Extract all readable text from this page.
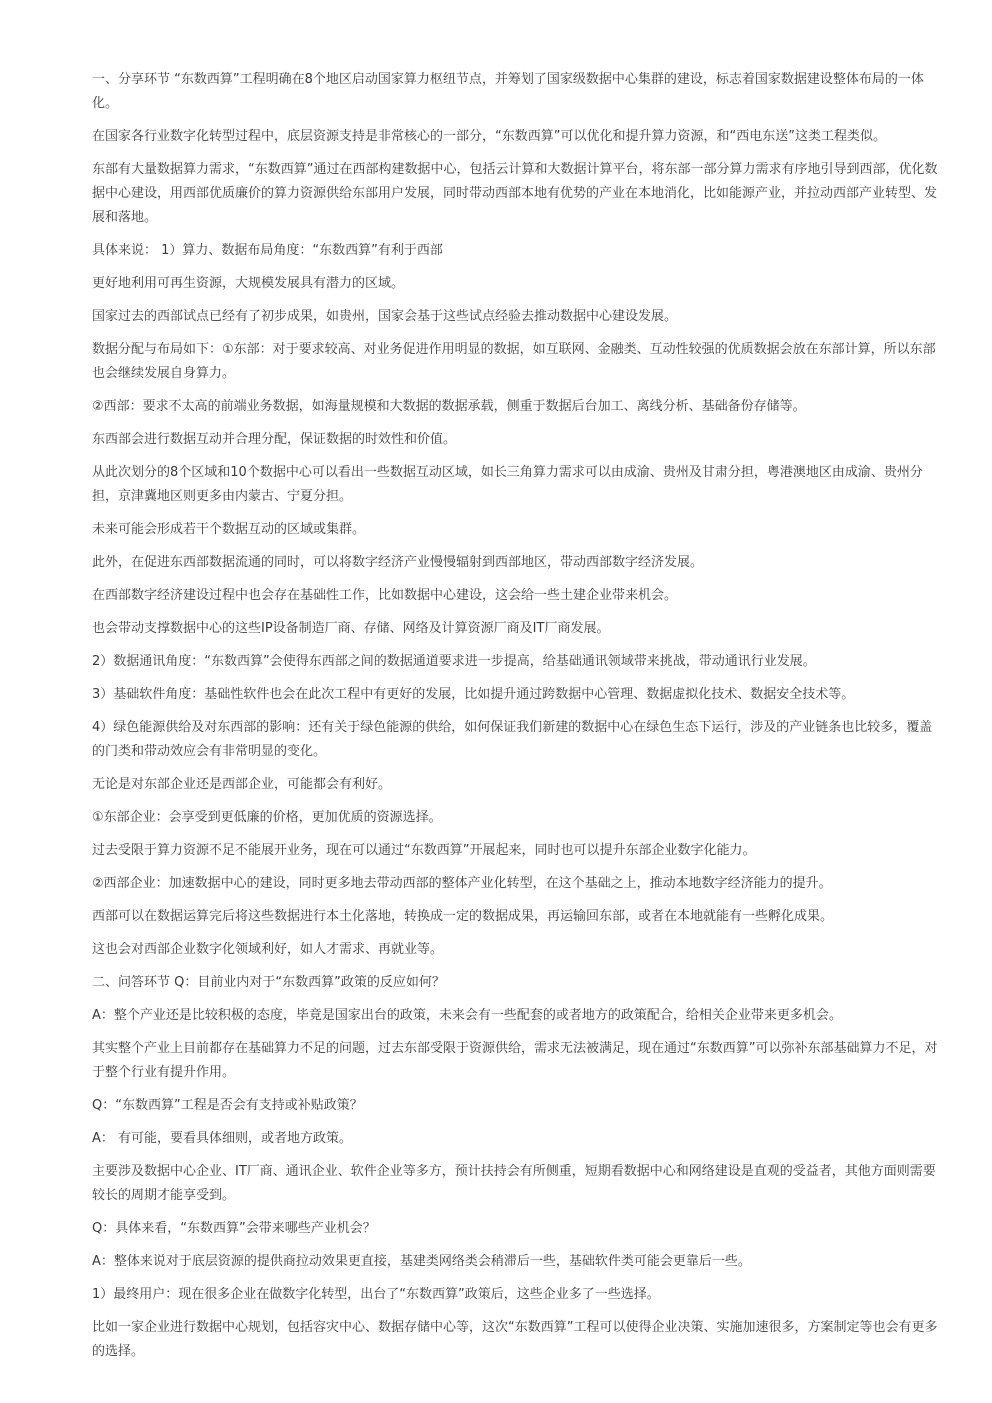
一、分享环节 “东数西算”工程明确在8个地区启动国家算力枢纽节点，并筹划了国家级数据中心集群的建设，标志着国家数据建设整体布局的一体化。

在国家各行业数字化转型过程中，底层资源支持是非常核心的一部分，“东数西算”可以优化和提升算力资源，和“西电东送”这类工程类似。

东部有大量数据算力需求，“东数西算”通过在西部构建数据中心，包括云计算和大数据计算平台，将东部一部分算力需求有序地引导到西部，优化数据中心建设，用西部优质廉价的算力资源供给东部用户发展，同时带动西部本地有优势的产业在本地消化，比如能源产业，并拉动西部产业转型、发展和落地。

具体来说： 1）算力、数据布局角度：“东数西算”有利于西部

更好地利用可再生资源，大规模发展具有潜力的区域。

国家过去的西部试点已经有了初步成果，如贵州，国家会基于这些试点经验去推动数据中心建设发展。

数据分配与布局如下：①东部：对于要求较高、对业务促进作用明显的数据，如互联网、金融类、互动性较强的优质数据会放在东部计算，所以东部也会继续发展自身算力。

②西部：要求不太高的前端业务数据，如海量规模和大数据的数据承载，侧重于数据后台加工、离线分析、基础备份存储等。

东西部会进行数据互动并合理分配，保证数据的时效性和价值。

从此次划分的8个区域和10个数据中心可以看出一些数据互动区域，如长三角算力需求可以由成渝、贵州及甘肃分担，粤港澳地区由成渝、贵州分担，京津冀地区则更多由内蒙古、宁夏分担。

未来可能会形成若干个数据互动的区域或集群。

此外，在促进东西部数据流通的同时，可以将数字经济产业慢慢辐射到西部地区，带动西部数字经济发展。

在西部数字经济建设过程中也会存在基础性工作，比如数据中心建设，这会给一些土建企业带来机会。

也会带动支撑数据中心的这些IP设备制造厂商、存储、网络及计算资源厂商及IT厂商发展。

2）数据通讯角度：“东数西算”会使得东西部之间的数据通道要求进一步提高，给基础通讯领域带来挑战，带动通讯行业发展。

3）基础软件角度：基础性软件也会在此次工程中有更好的发展，比如提升通过跨数据中心管理、数据虚拟化技术、数据安全技术等。

4）绿色能源供给及对东西部的影响：还有关于绿色能源的供给，如何保证我们新建的数据中心在绿色生态下运行，涉及的产业链条也比较多，覆盖的门类和带动效应会有非常明显的变化。

无论是对东部企业还是西部企业，可能都会有利好。

①东部企业：会享受到更低廉的价格，更加优质的资源选择。

过去受限于算力资源不足不能展开业务，现在可以通过“东数西算”开展起来，同时也可以提升东部企业数字化能力。

②西部企业：加速数据中心的建设，同时更多地去带动西部的整体产业化转型，在这个基础之上，推动本地数字经济能力的提升。

西部可以在数据运算完后将这些数据进行本土化落地，转换成一定的数据成果，再运输回东部，或者在本地就能有一些孵化成果。

这也会对西部企业数字化领域利好，如人才需求、再就业等。

二、问答环节 Q：目前业内对于“东数西算”政策的反应如何？

A：整个产业还是比较积极的态度，毕竟是国家出台的政策，未来会有一些配套的或者地方的政策配合，给相关企业带来更多机会。

其实整个产业上目前都存在基础算力不足的问题，过去东部受限于资源供给，需求无法被满足，现在通过“东数西算”可以弥补东部基础算力不足，对于整个行业有提升作用。

Q：“东数西算”工程是否会有支持或补贴政策？

A： 有可能，要看具体细则，或者地方政策。

主要涉及数据中心企业、IT厂商、通讯企业、软件企业等多方，预计扶持会有所侧重，短期看数据中心和网络建设是直观的受益者，其他方面则需要较长的周期才能享受到。

Q：具体来看，“东数西算”会带来哪些产业机会？

A：整体来说对于底层资源的提供商拉动效果更直接，基建类网络类会稍滞后一些，基础软件类可能会更靠后一些。

1）最终用户：现在很多企业在做数字化转型，出台了“东数西算”政策后，这些企业多了一些选择。

比如一家企业进行数据中心规划，包括容灾中心、数据存储中心等，这次“东数西算”工程可以使得企业决策、实施加速很多，方案制定等也会有更多的选择。
